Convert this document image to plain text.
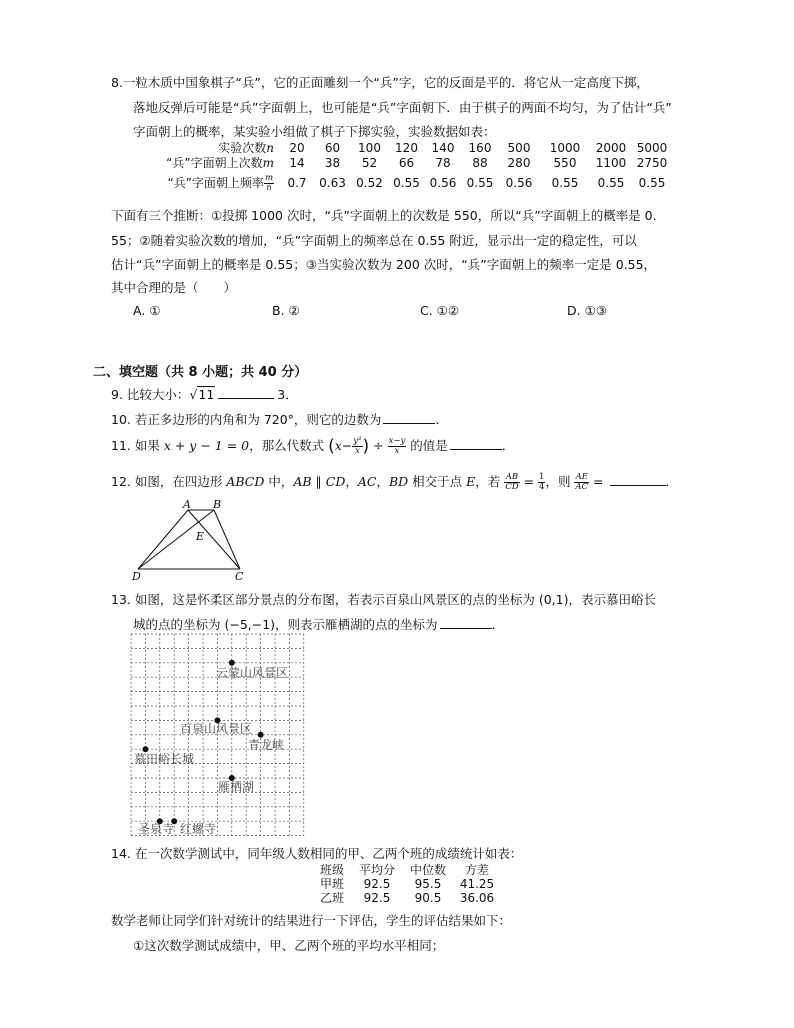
8.一粒木质中国象棋子“兵”，它的正面雕刻一个“兵”字，它的反面是平的．将它从一定高度下掷，
落地反弹后可能是“兵”字面朝上，也可能是“兵”字面朝下．由于棋子的两面不均匀，为了估计“兵”
字面朝上的概率，某实验小组做了棋子下掷实验，实验数据如表：
实验次数n	20	60	100	120	140	160	500	1000	2000	5000
“兵”字面朝上次数m	14	38	52	66	78	88	280	550	1100	2750
“兵”字面朝上频率 $\frac{m}{n}$	0.7	0.63	0.52	0.55	0.56	0.55	0.56	0.55	0.55	0.55
下面有三个推断：①投掷 1000 次时，“兵”字面朝上的次数是 550，所以“兵”字面朝上的概率是 0.
55；②随着实验次数的增加，“兵”字面朝上的频率总在 0.55 附近，显示出一定的稳定性，可以
估计“兵”字面朝上的概率是 0.55；③当实验次数为 200 次时，“兵”字面朝上的频率一定是 0.55，
其中合理的是（　　）
A. ①	B. ②	C. ①②	D. ①③
二、填空题（共 8 小题；共 40 分）
9. 比较大小：√11	3．
10. 若正多边形的内角和为 720°，则它的边数为	．
11. 如果 x + y − 1 = 0，那么代数式 ($x- \frac{\text{y²}}{x}$ ) ÷ $\frac{x-y}{x}$ 的值是	．
12. 如图，在四边形 ABCD 中，AB ∥ CD，AC，BD 相交于点 E，若 $\frac{AB}{CD} = \frac{1}{4}$ ，则 $\frac{AE}{AC}$ =	．
A B
E
D	C
13. 如图，这是怀柔区部分景点的分布图，若表示百泉山风景区的点的坐标为 (0,1)，表示慕田峪长
城的点的坐标为 (−5,−1)，则表示雁栖湖的点的坐标为	．
云蒙山风景区
百泉山风景区
青龙峡
慕田峪长城
雁栖湖
圣泉寺 红螺寺
14. 在一次数学测试中，同年级人数相同的甲、乙两个班的成绩统计如表：
班级	平均分	中位数	方差
甲班	92.5	95.5	41.25
乙班	92.5	90.5	36.06
数学老师让同学们针对统计的结果进行一下评估，学生的评估结果如下：
①这次数学测试成绩中，甲、乙两个班的平均水平相同；
